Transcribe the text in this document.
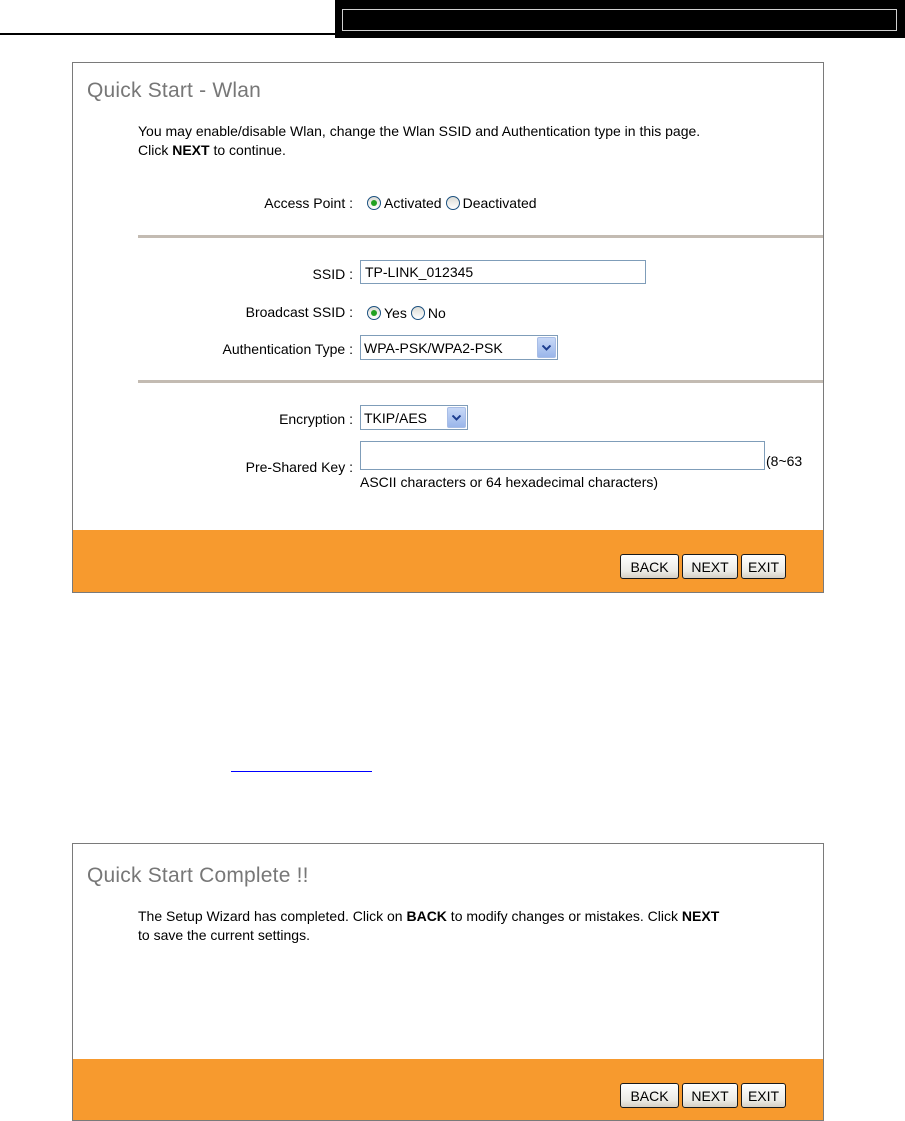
Quick Start - Wlan
You may enable/disable Wlan, change the Wlan SSID and Authentication type in this page.
Click NEXT to continue.
Access Point : Activated Deactivated
SSID :
TP-LINK_012345
Broadcast SSID : Yes No
Authentication Type : WPA-PSK/WPA2-PSK
Encryption : TKIP/AES
Pre-Shared Key :	(8~63
ASCII characters or 64 hexadecimal characters)
BACK	NEXT	EXIT
Quick Start Complete !!
The Setup Wizard has completed. Click on BACK to modify changes or mistakes. Click NEXT
to save the current settings.
BACK	NEXT	EXIT
